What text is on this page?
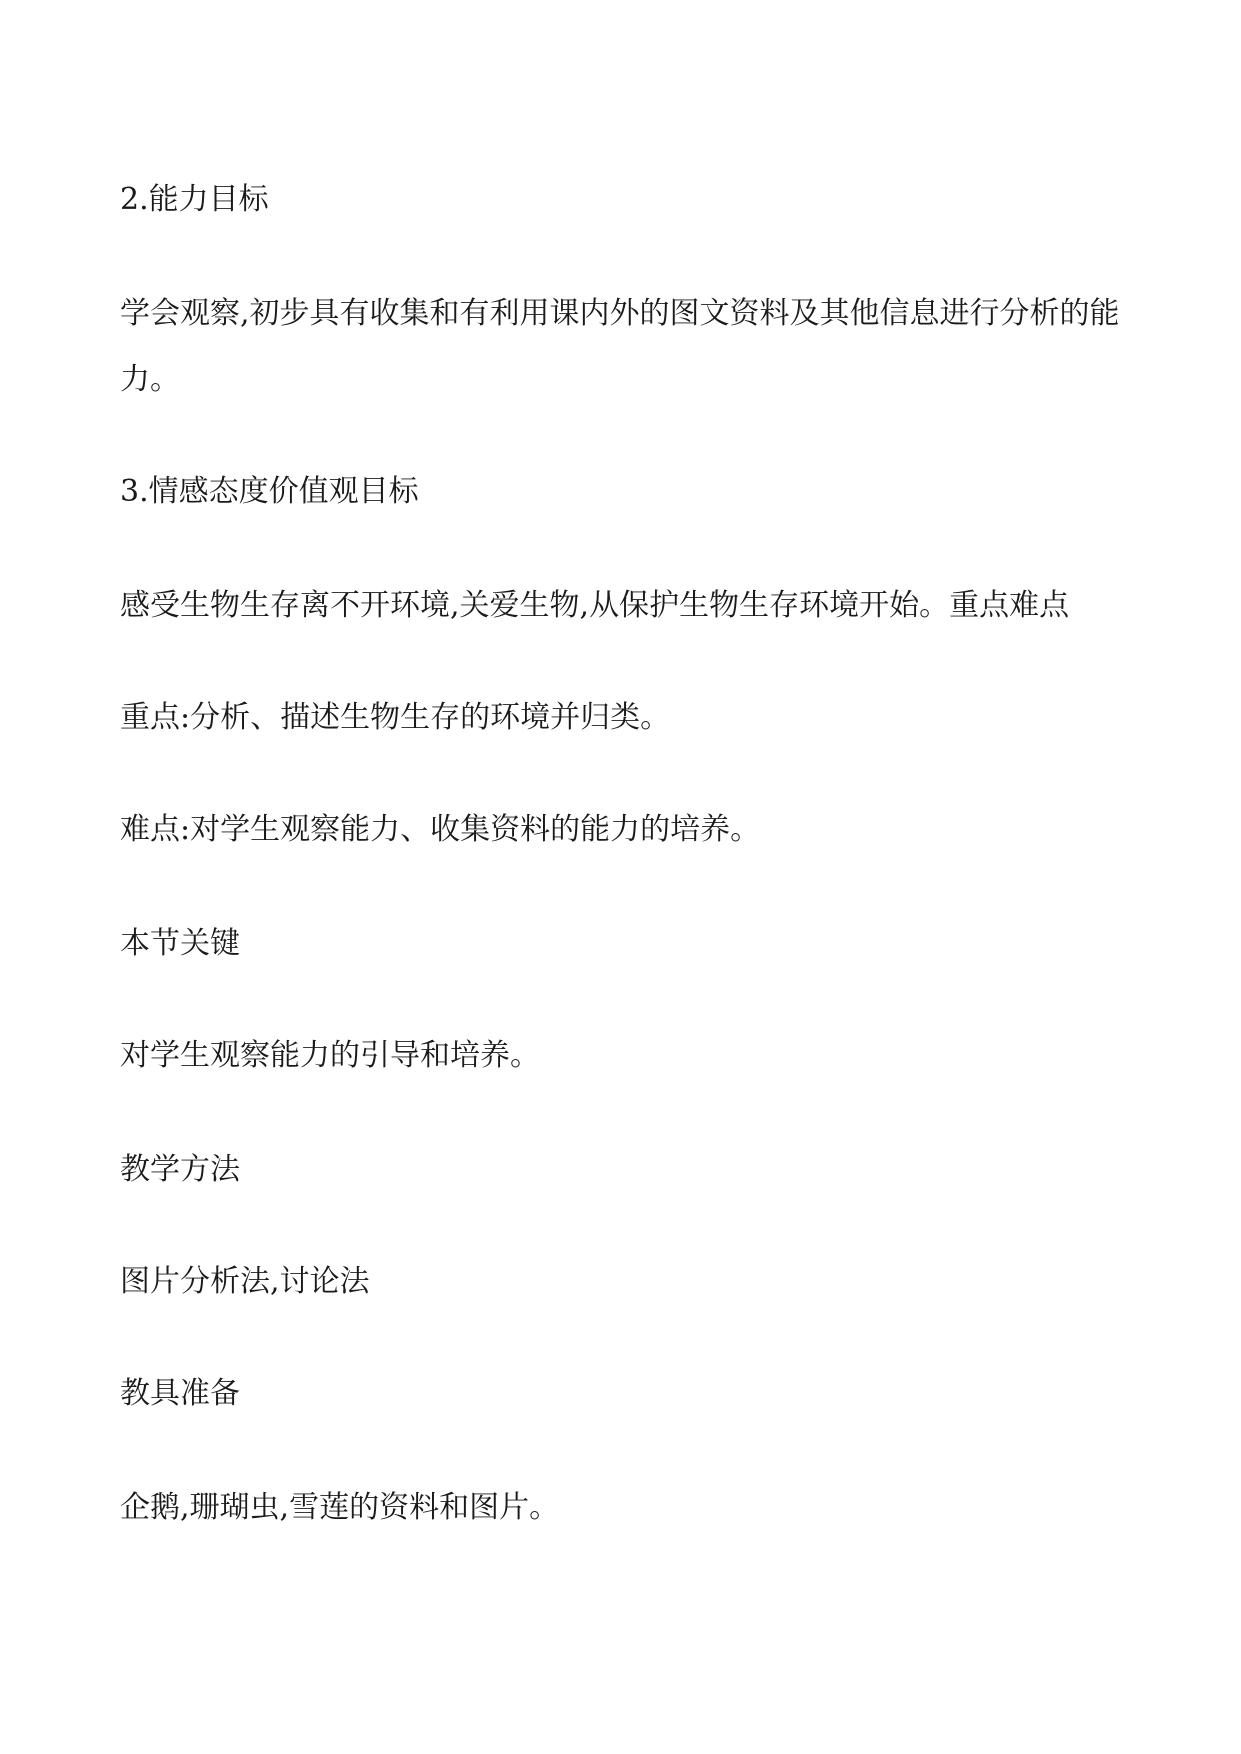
2.能力目标
学会观察,初步具有收集和有利用课内外的图文资料及其他信息进行分析的能
力。
3.情感态度价值观目标
感受生物生存离不开环境,关爱生物,从保护生物生存环境开始。重点难点
重点:分析、描述生物生存的环境并归类。
难点:对学生观察能力、收集资料的能力的培养。
本节关键
对学生观察能力的引导和培养。
教学方法
图片分析法,讨论法
教具准备
企鹅,珊瑚虫,雪莲的资料和图片。
